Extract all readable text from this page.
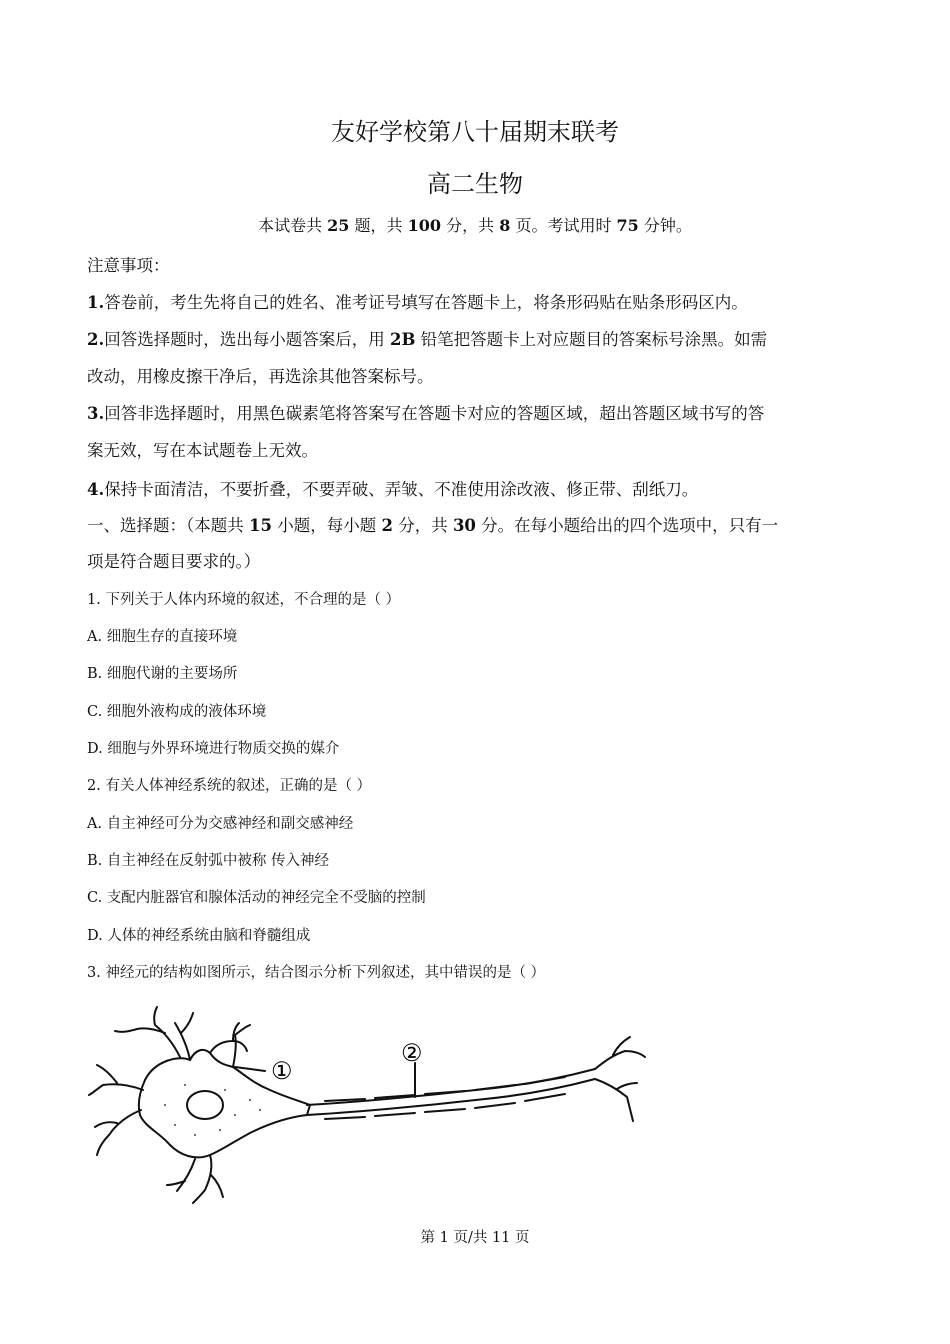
友好学校第八十届期末联考
高二生物
本试卷共 25 题，共 100 分，共 8 页。考试用时 75 分钟。
注意事项：
1.答卷前，考生先将自己的姓名、准考证号填写在答题卡上，将条形码贴在贴条形码区内。
2.回答选择题时，选出每小题答案后，用 2B 铅笔把答题卡上对应题目的答案标号涂黑。如需
改动，用橡皮擦干净后，再选涂其他答案标号。
3.回答非选择题时，用黑色碳素笔将答案写在答题卡对应的答题区域，超出答题区域书写的答
案无效，写在本试题卷上无效。
4.保持卡面清洁，不要折叠，不要弄破、弄皱、不准使用涂改液、修正带、刮纸刀。
一、选择题：（本题共 15 小题，每小题 2 分，共 30 分。在每小题给出的四个选项中，只有一
项是符合题目要求的。）
1. 下列关于人体内环境的叙述，不合理的是（ ）
A. 细胞生存的直接环境
B. 细胞代谢的主要场所
C. 细胞外液构成的液体环境
D. 细胞与外界环境进行物质交换的媒介
2. 有关人体神经系统的叙述，正确的是（ ）
A. 自主神经可分为交感神经和副交感神经
B. 自主神经在反射弧中被称 传入神经
C. 支配内脏器官和腺体活动的神经完全不受脑的控制
D. 人体的神经系统由脑和脊髓组成
3. 神经元的结构如图所示，结合图示分析下列叙述，其中错误的是（ ）
①
②
第 1 页/共 11 页
